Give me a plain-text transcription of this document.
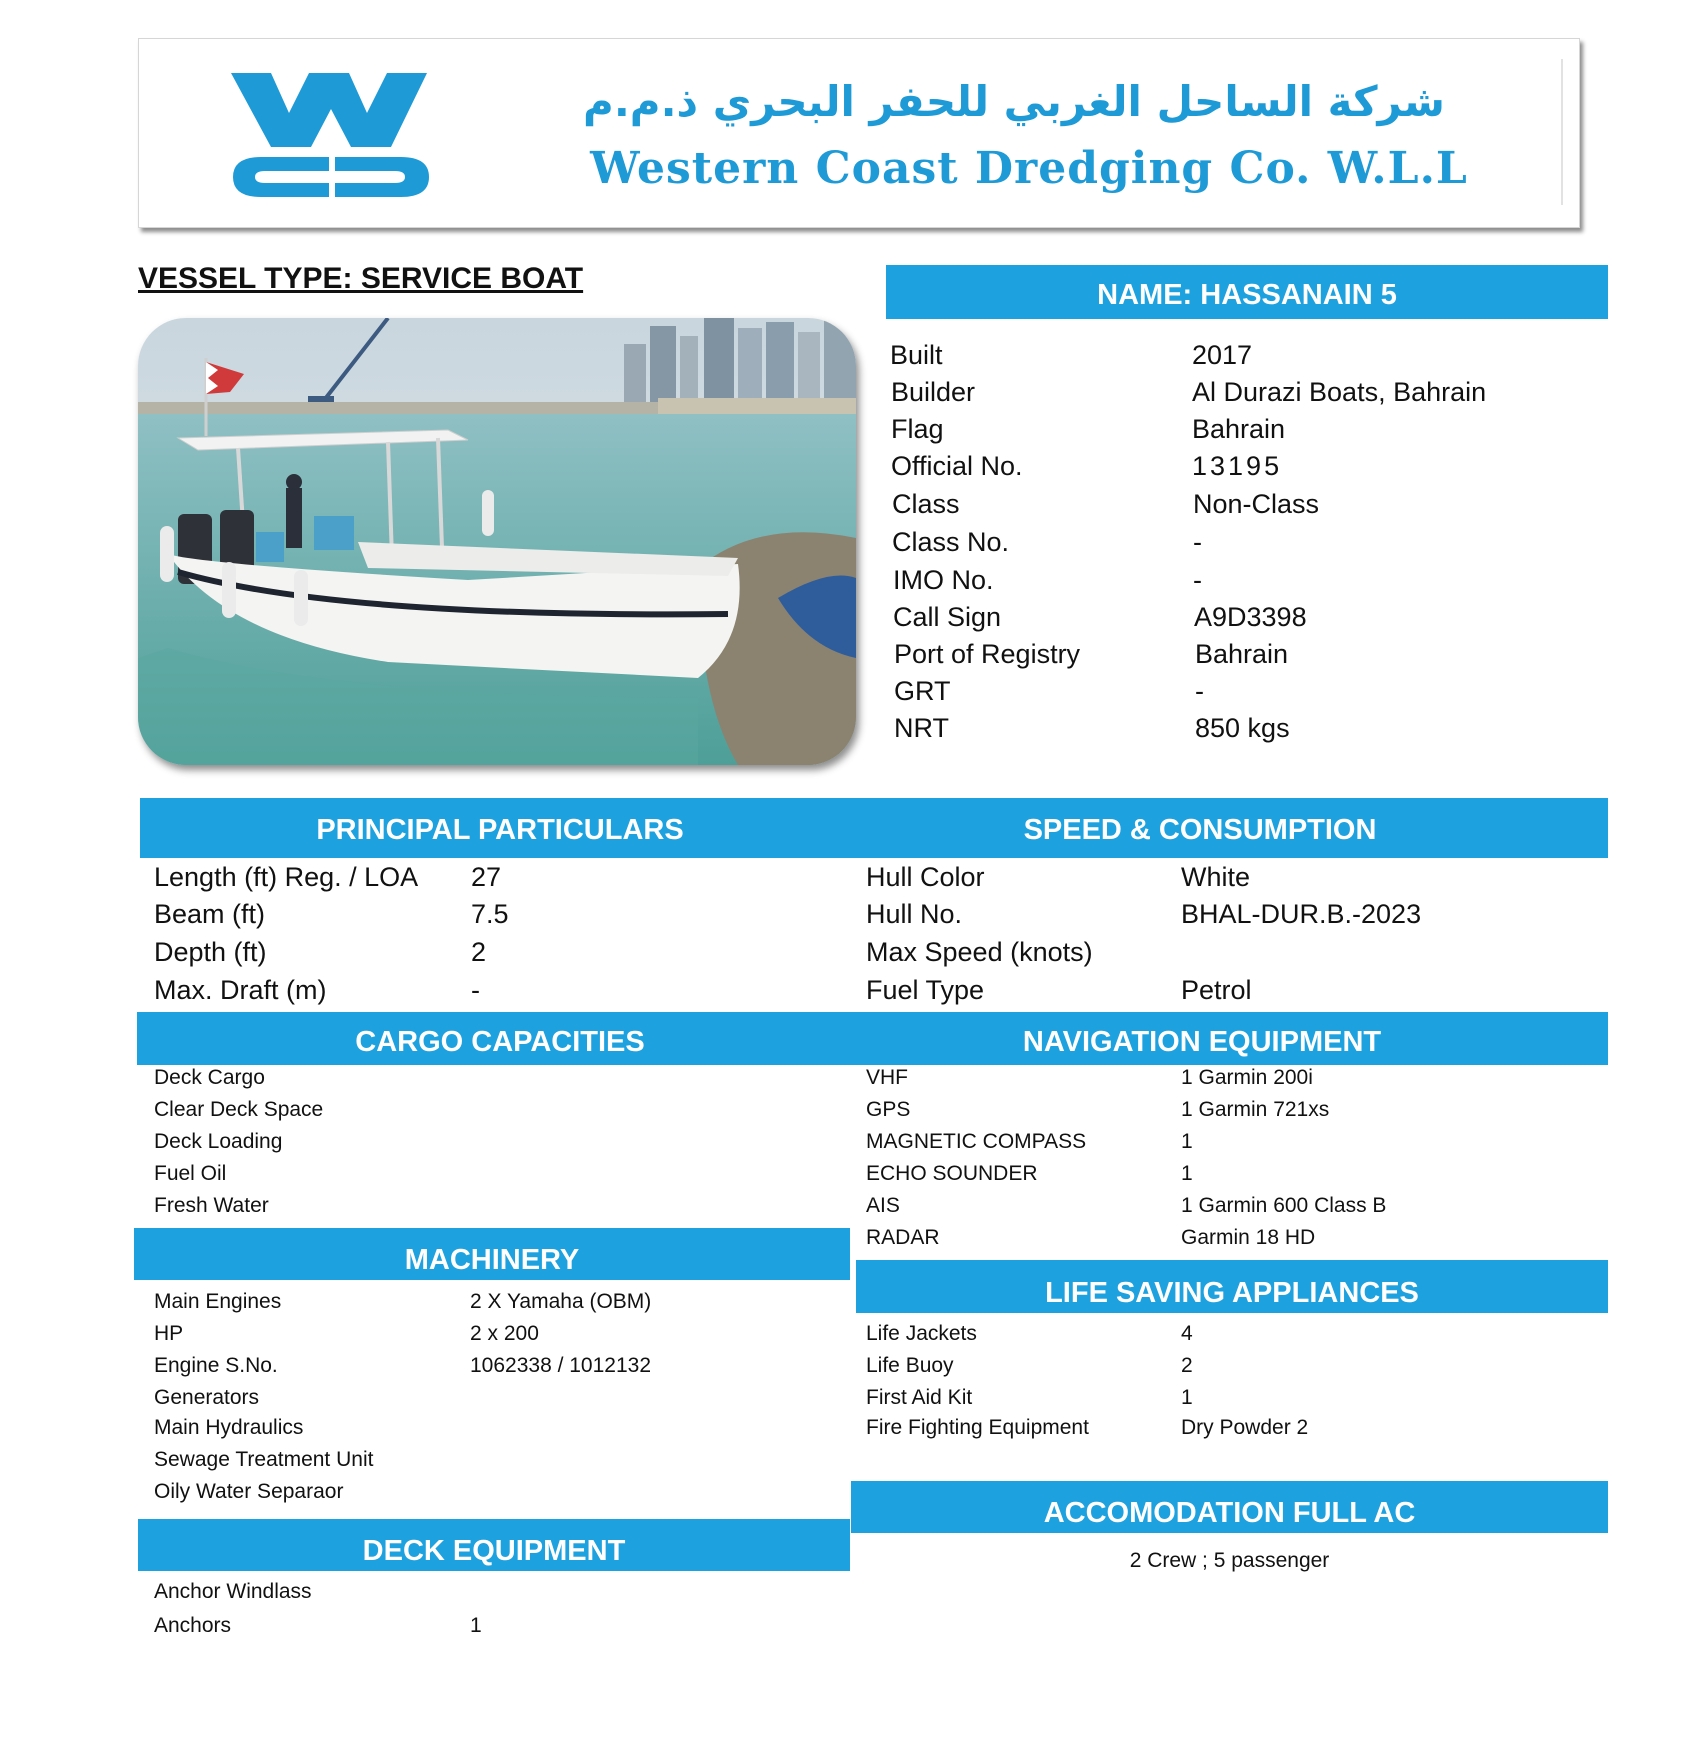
شركة الساحل الغربي للحفر البحري ذ.م.م
Western Coast Dredging Co. W.L.L
VESSEL TYPE: SERVICE BOAT	NAME: HASSANAIN 5
Built	2017
Builder	Al Durazi Boats, Bahrain
Flag	Bahrain
Official No.	13195
Class	Non-Class
Class No.	-
IMO No.	-
Call Sign	A9D3398
Port of Registry	Bahrain
GRT	-
NRT	850 kgs
PRINCIPAL PARTICULARS	SPEED & CONSUMPTION
Length (ft) Reg. / LOA 27
Beam (ft)	7.5
Depth (ft)	2
Max. Draft (m)	-
Hull Color	White
Hull No.	BHAL-DUR.B.-2023
Max Speed (knots)
Fuel Type	Petrol
CARGO CAPACITIES	NAVIGATION EQUIPMENT
Deck Cargo
Clear Deck Space
Deck Loading
Fuel Oil
Fresh Water
VHF	1 Garmin 200i
GPS	1 Garmin 721xs
MAGNETIC COMPASS	1
ECHO SOUNDER	1
AIS	1 Garmin 600 Class B
RADAR	Garmin 18 HD
MACHINERY
Main Engines	2 X Yamaha (OBM)
HP	2 x 200
Engine S.No.	1062338 / 1012132
Generators
Main Hydraulics
Sewage Treatment Unit
Oily Water Separaor
LIFE SAVING APPLIANCES
Life Jackets	4
Life Buoy	2
First Aid Kit	1
Fire Fighting Equipment	Dry Powder 2
ACCOMODATION FULL AC
2 Crew ; 5 passenger
DECK EQUIPMENT
Anchor Windlass
Anchors	1
